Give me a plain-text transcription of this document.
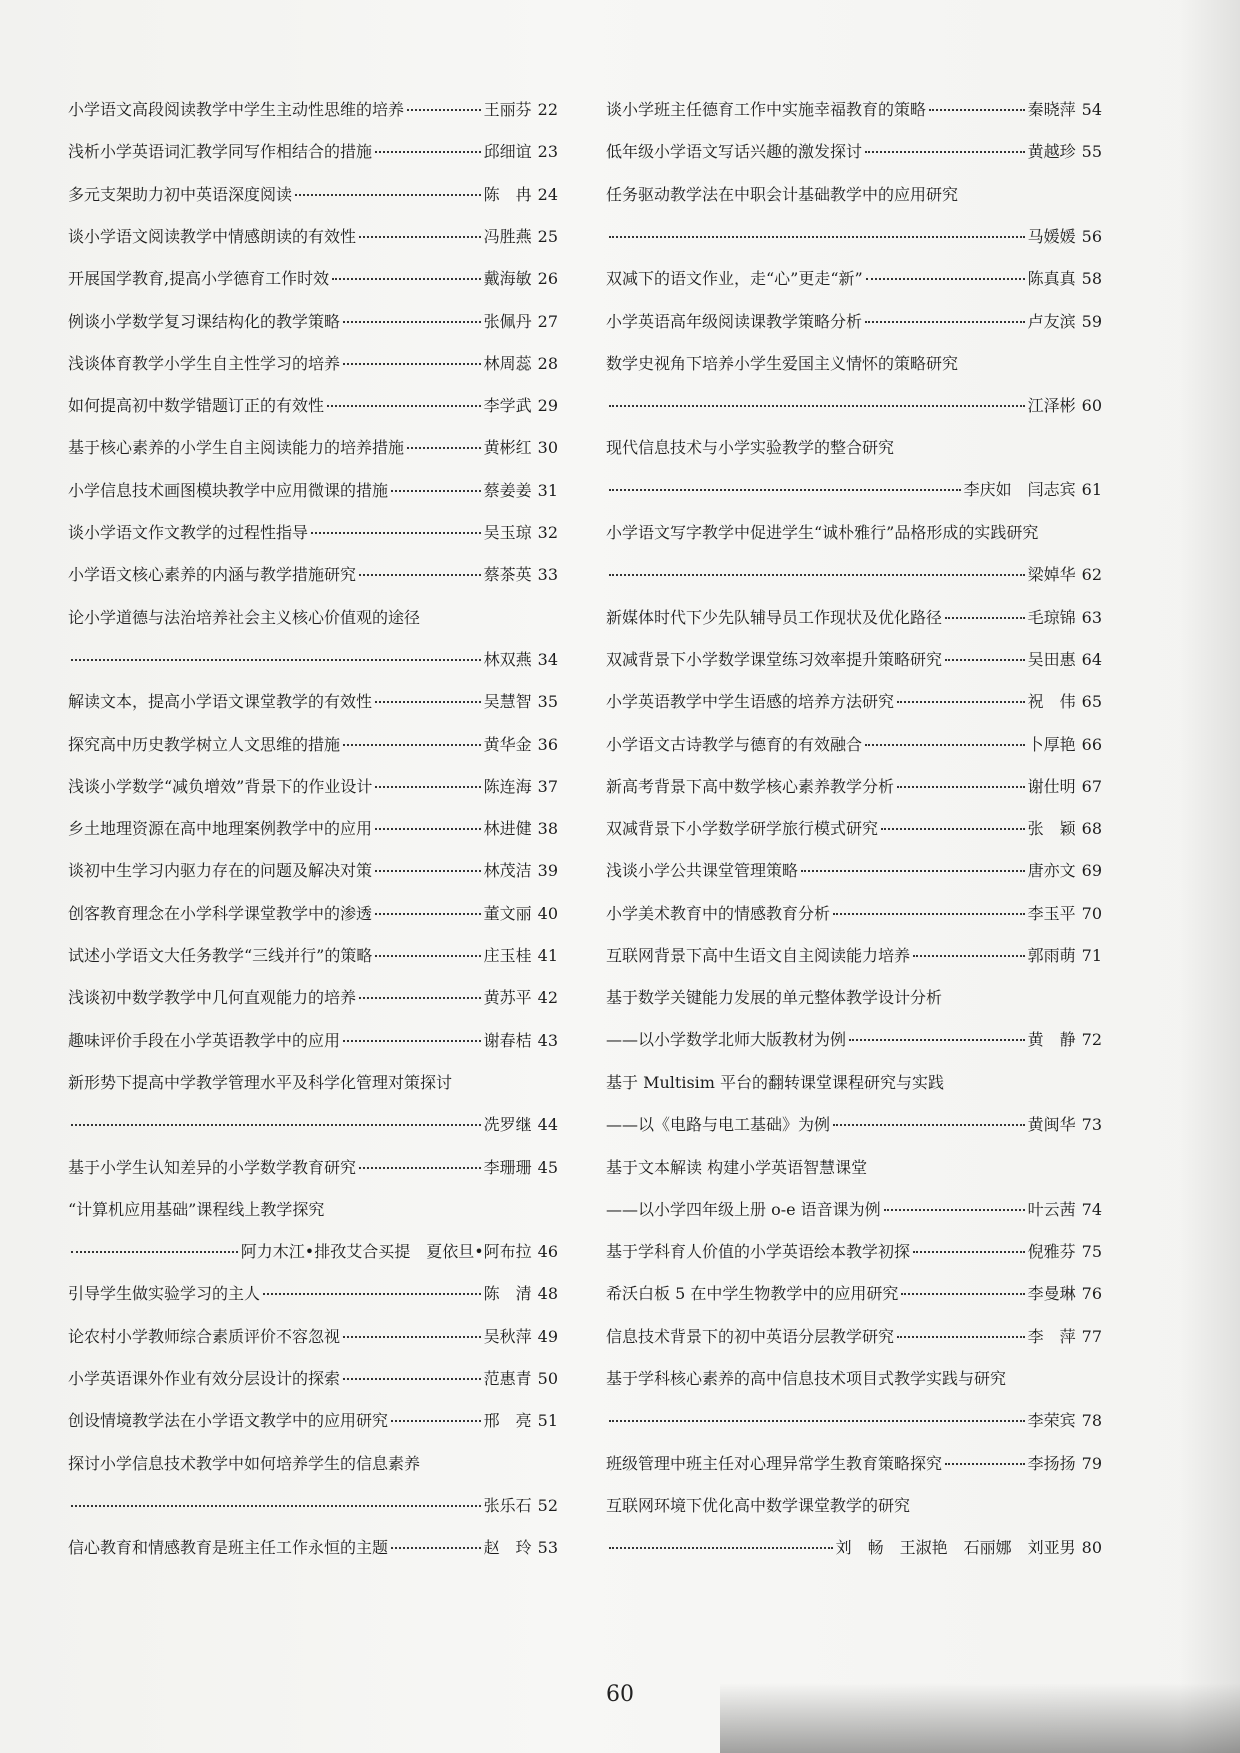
小学语文高段阅读教学中学生主动性思维的培养	王丽芬 22
浅析小学英语词汇教学同写作相结合的措施	邱细谊 23
多元支架助力初中英语深度阅读	陈　冉 24
谈小学语文阅读教学中情感朗读的有效性	冯胜燕 25
开展国学教育,提高小学德育工作时效	戴海敏 26
例谈小学数学复习课结构化的教学策略	张佩丹 27
浅谈体育教学小学生自主性学习的培养	林周蕊 28
如何提高初中数学错题订正的有效性	李学武 29
基于核心素养的小学生自主阅读能力的培养措施	黄彬红 30
小学信息技术画图模块教学中应用微课的措施	蔡姜姜 31
谈小学语文作文教学的过程性指导	吴玉琼 32
小学语文核心素养的内涵与教学措施研究	蔡茶英 33
论小学道德与法治培养社会主义核心价值观的途径
林双燕 34
解读文本，提高小学语文课堂教学的有效性	吴慧智 35
探究高中历史教学树立人文思维的措施	黄华金 36
浅谈小学数学“减负增效”背景下的作业设计	陈连海 37
乡土地理资源在高中地理案例教学中的应用	林进健 38
谈初中生学习内驱力存在的问题及解决对策	林茂洁 39
创客教育理念在小学科学课堂教学中的渗透	董文丽 40
试述小学语文大任务教学“三线并行”的策略	庄玉桂 41
浅谈初中数学教学中几何直观能力的培养	黄苏平 42
趣味评价手段在小学英语教学中的应用	谢春桔 43
新形势下提高中学教学管理水平及科学化管理对策探讨
冼罗继 44
基于小学生认知差异的小学数学教育研究	李珊珊 45
“计算机应用基础”课程线上教学探究
阿力木江•排孜艾合买提　夏依旦•阿布拉 46
引导学生做实验学习的主人	陈　清 48
论农村小学教师综合素质评价不容忽视	吴秋萍 49
小学英语课外作业有效分层设计的探索	范惠青 50
创设情境教学法在小学语文教学中的应用研究	邢　亮 51
探讨小学信息技术教学中如何培养学生的信息素养
张乐石 52
信心教育和情感教育是班主任工作永恒的主题	赵　玲 53
谈小学班主任德育工作中实施幸福教育的策略	秦晓萍 54
低年级小学语文写话兴趣的激发探讨	黄越珍 55
任务驱动教学法在中职会计基础教学中的应用研究
马媛媛 56
双减下的语文作业，走“心”更走“新”	陈真真 58
小学英语高年级阅读课教学策略分析	卢友滨 59
数学史视角下培养小学生爱国主义情怀的策略研究
江泽彬 60
现代信息技术与小学实验教学的整合研究
李庆如　闫志宾 61
小学语文写字教学中促进学生“诚朴雅行”品格形成的实践研究
梁婥华 62
新媒体时代下少先队辅导员工作现状及优化路径	毛琼锦 63
双减背景下小学数学课堂练习效率提升策略研究	吴田惠 64
小学英语教学中学生语感的培养方法研究	祝　伟 65
小学语文古诗教学与德育的有效融合	卜厚艳 66
新高考背景下高中数学核心素养教学分析	谢仕明 67
双减背景下小学数学研学旅行模式研究	张　颖 68
浅谈小学公共课堂管理策略	唐亦文 69
小学美术教育中的情感教育分析	李玉平 70
互联网背景下高中生语文自主阅读能力培养	郭雨萌 71
基于数学关键能力发展的单元整体教学设计分析
——以小学数学北师大版教材为例	黄　静 72
基于 Multisim 平台的翻转课堂课程研究与实践
——以《电路与电工基础》为例	黄闽华 73
基于文本解读 构建小学英语智慧课堂
——以小学四年级上册 o-e 语音课为例	叶云茜 74
基于学科育人价值的小学英语绘本教学初探	倪雅芬 75
希沃白板 5 在中学生物教学中的应用研究	李曼琳 76
信息技术背景下的初中英语分层教学研究	李　萍 77
基于学科核心素养的高中信息技术项目式教学实践与研究
李荣宾 78
班级管理中班主任对心理异常学生教育策略探究	李扬扬 79
互联网环境下优化高中数学课堂教学的研究
刘　畅　王淑艳　石丽娜　刘亚男 80
60
